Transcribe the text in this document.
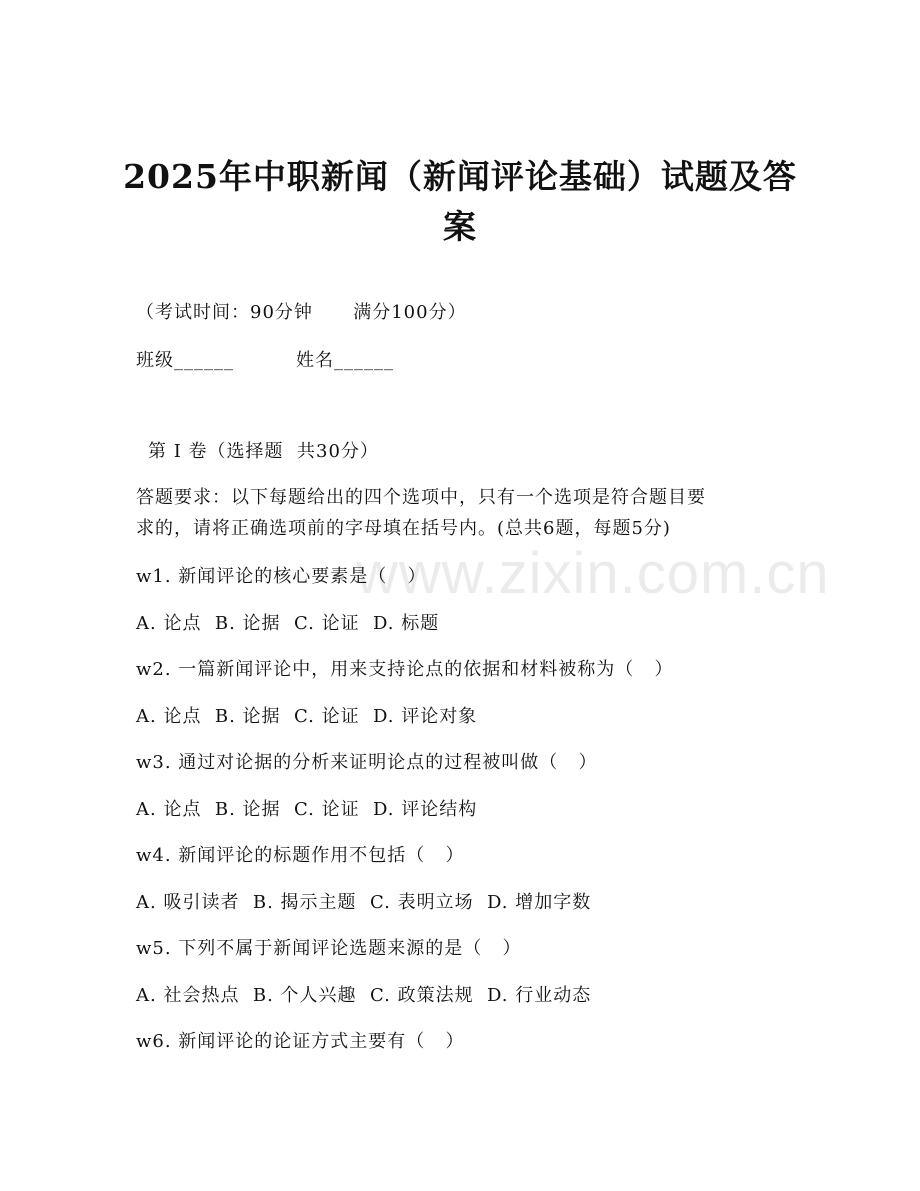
2025年中职新闻（新闻评论基础）试题及答
案
（考试时间：90分钟      满分100分）
班级______	姓名______
第 I 卷（选择题  共30分）
答题要求：以下每题给出的四个选项中，只有一个选项是符合题目要
求的，请将正确选项前的字母填在括号内。(总共6题，每题5分)
w1. 新闻评论的核心要素是（   ）
A. 论点  B. 论据  C. 论证  D. 标题
w2. 一篇新闻评论中，用来支持论点的依据和材料被称为（   ）
A. 论点  B. 论据  C. 论证  D. 评论对象
w3. 通过对论据的分析来证明论点的过程被叫做（   ）
A. 论点  B. 论据  C. 论证  D. 评论结构
w4. 新闻评论的标题作用不包括（   ）
A. 吸引读者  B. 揭示主题  C. 表明立场  D. 增加字数
w5. 下列不属于新闻评论选题来源的是（   ）
A. 社会热点  B. 个人兴趣  C. 政策法规  D. 行业动态
w6. 新闻评论的论证方式主要有（   ）
www.zixin.com.cn
